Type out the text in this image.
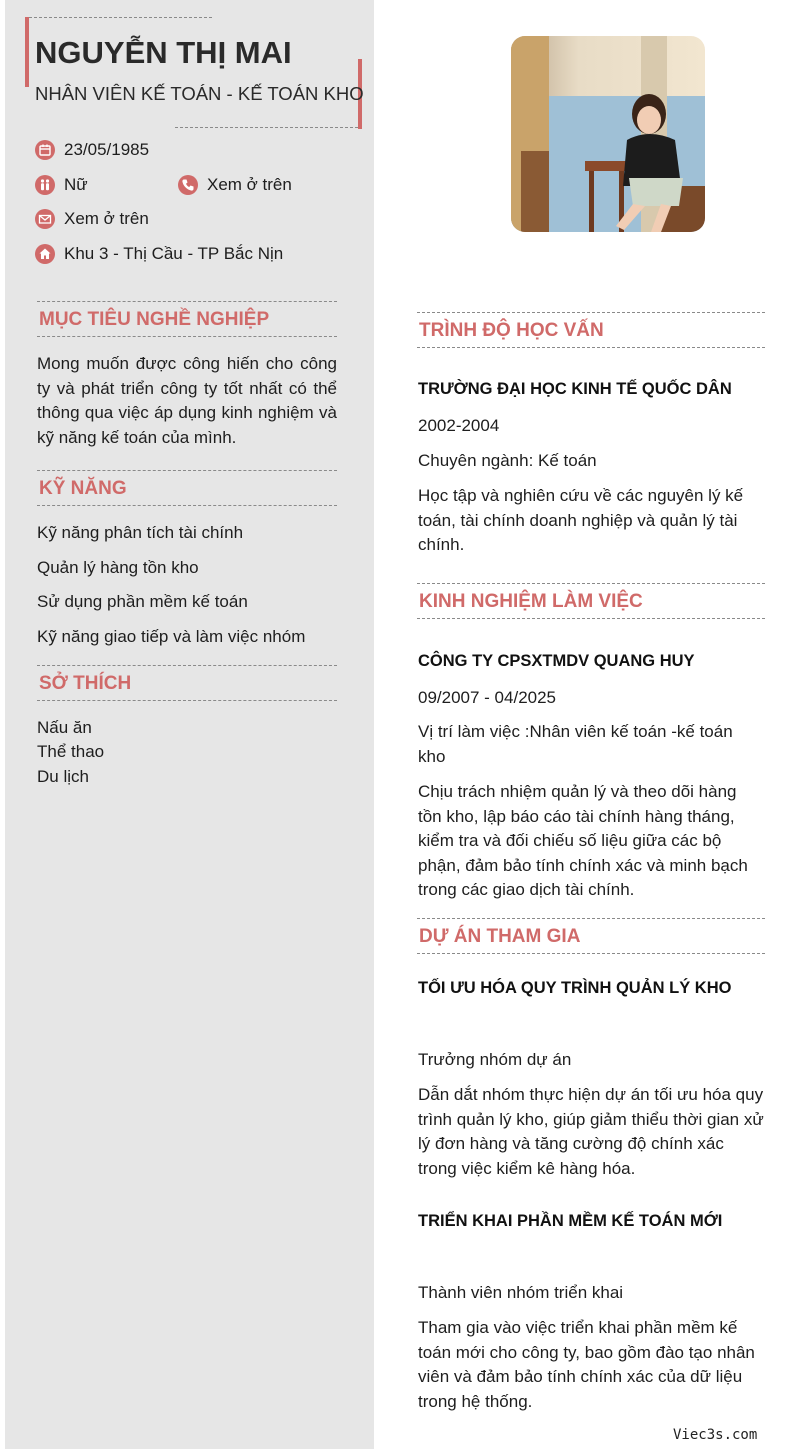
NGUYỄN THỊ MAI
NHÂN VIÊN KẾ TOÁN - KẾ TOÁN KHO
23/05/1985
Nữ	Xem ở trên
Xem ở trên
Khu 3 - Thị Cầu - TP Bắc Nịn
MỤC TIÊU NGHỀ NGHIỆP
Mong muốn được công hiến cho công ty và phát triển công ty tốt nhất có thể thông qua việc áp dụng kinh nghiệm và kỹ năng kế toán của mình.
KỸ NĂNG
Kỹ năng phân tích tài chính
Quản lý hàng tồn kho
Sử dụng phần mềm kế toán
Kỹ năng giao tiếp và làm việc nhóm
SỞ THÍCH
Nấu ăn
Thể thao
Du lịch
TRÌNH ĐỘ HỌC VẤN
TRƯỜNG ĐẠI HỌC KINH TẾ QUỐC DÂN
2002-2004
Chuyên ngành: Kế toán
Học tập và nghiên cứu về các nguyên lý kế toán, tài chính doanh nghiệp và quản lý tài chính.
KINH NGHIỆM LÀM VIỆC
CÔNG TY CPSXTMDV QUANG HUY
09/2007 - 04/2025
Vị trí làm việc :Nhân viên kế toán -kế toán kho
Chịu trách nhiệm quản lý và theo dõi hàng tồn kho, lập báo cáo tài chính hàng tháng, kiểm tra và đối chiếu số liệu giữa các bộ phận, đảm bảo tính chính xác và minh bạch trong các giao dịch tài chính.
DỰ ÁN THAM GIA
TỐI ƯU HÓA QUY TRÌNH QUẢN LÝ KHO
Trưởng nhóm dự án
Dẫn dắt nhóm thực hiện dự án tối ưu hóa quy trình quản lý kho, giúp giảm thiểu thời gian xử lý đơn hàng và tăng cường độ chính xác trong việc kiểm kê hàng hóa.
TRIỂN KHAI PHẦN MỀM KẾ TOÁN MỚI
Thành viên nhóm triển khai
Tham gia vào việc triển khai phần mềm kế toán mới cho công ty, bao gồm đào tạo nhân viên và đảm bảo tính chính xác của dữ liệu trong hệ thống.
Viec3s.com
